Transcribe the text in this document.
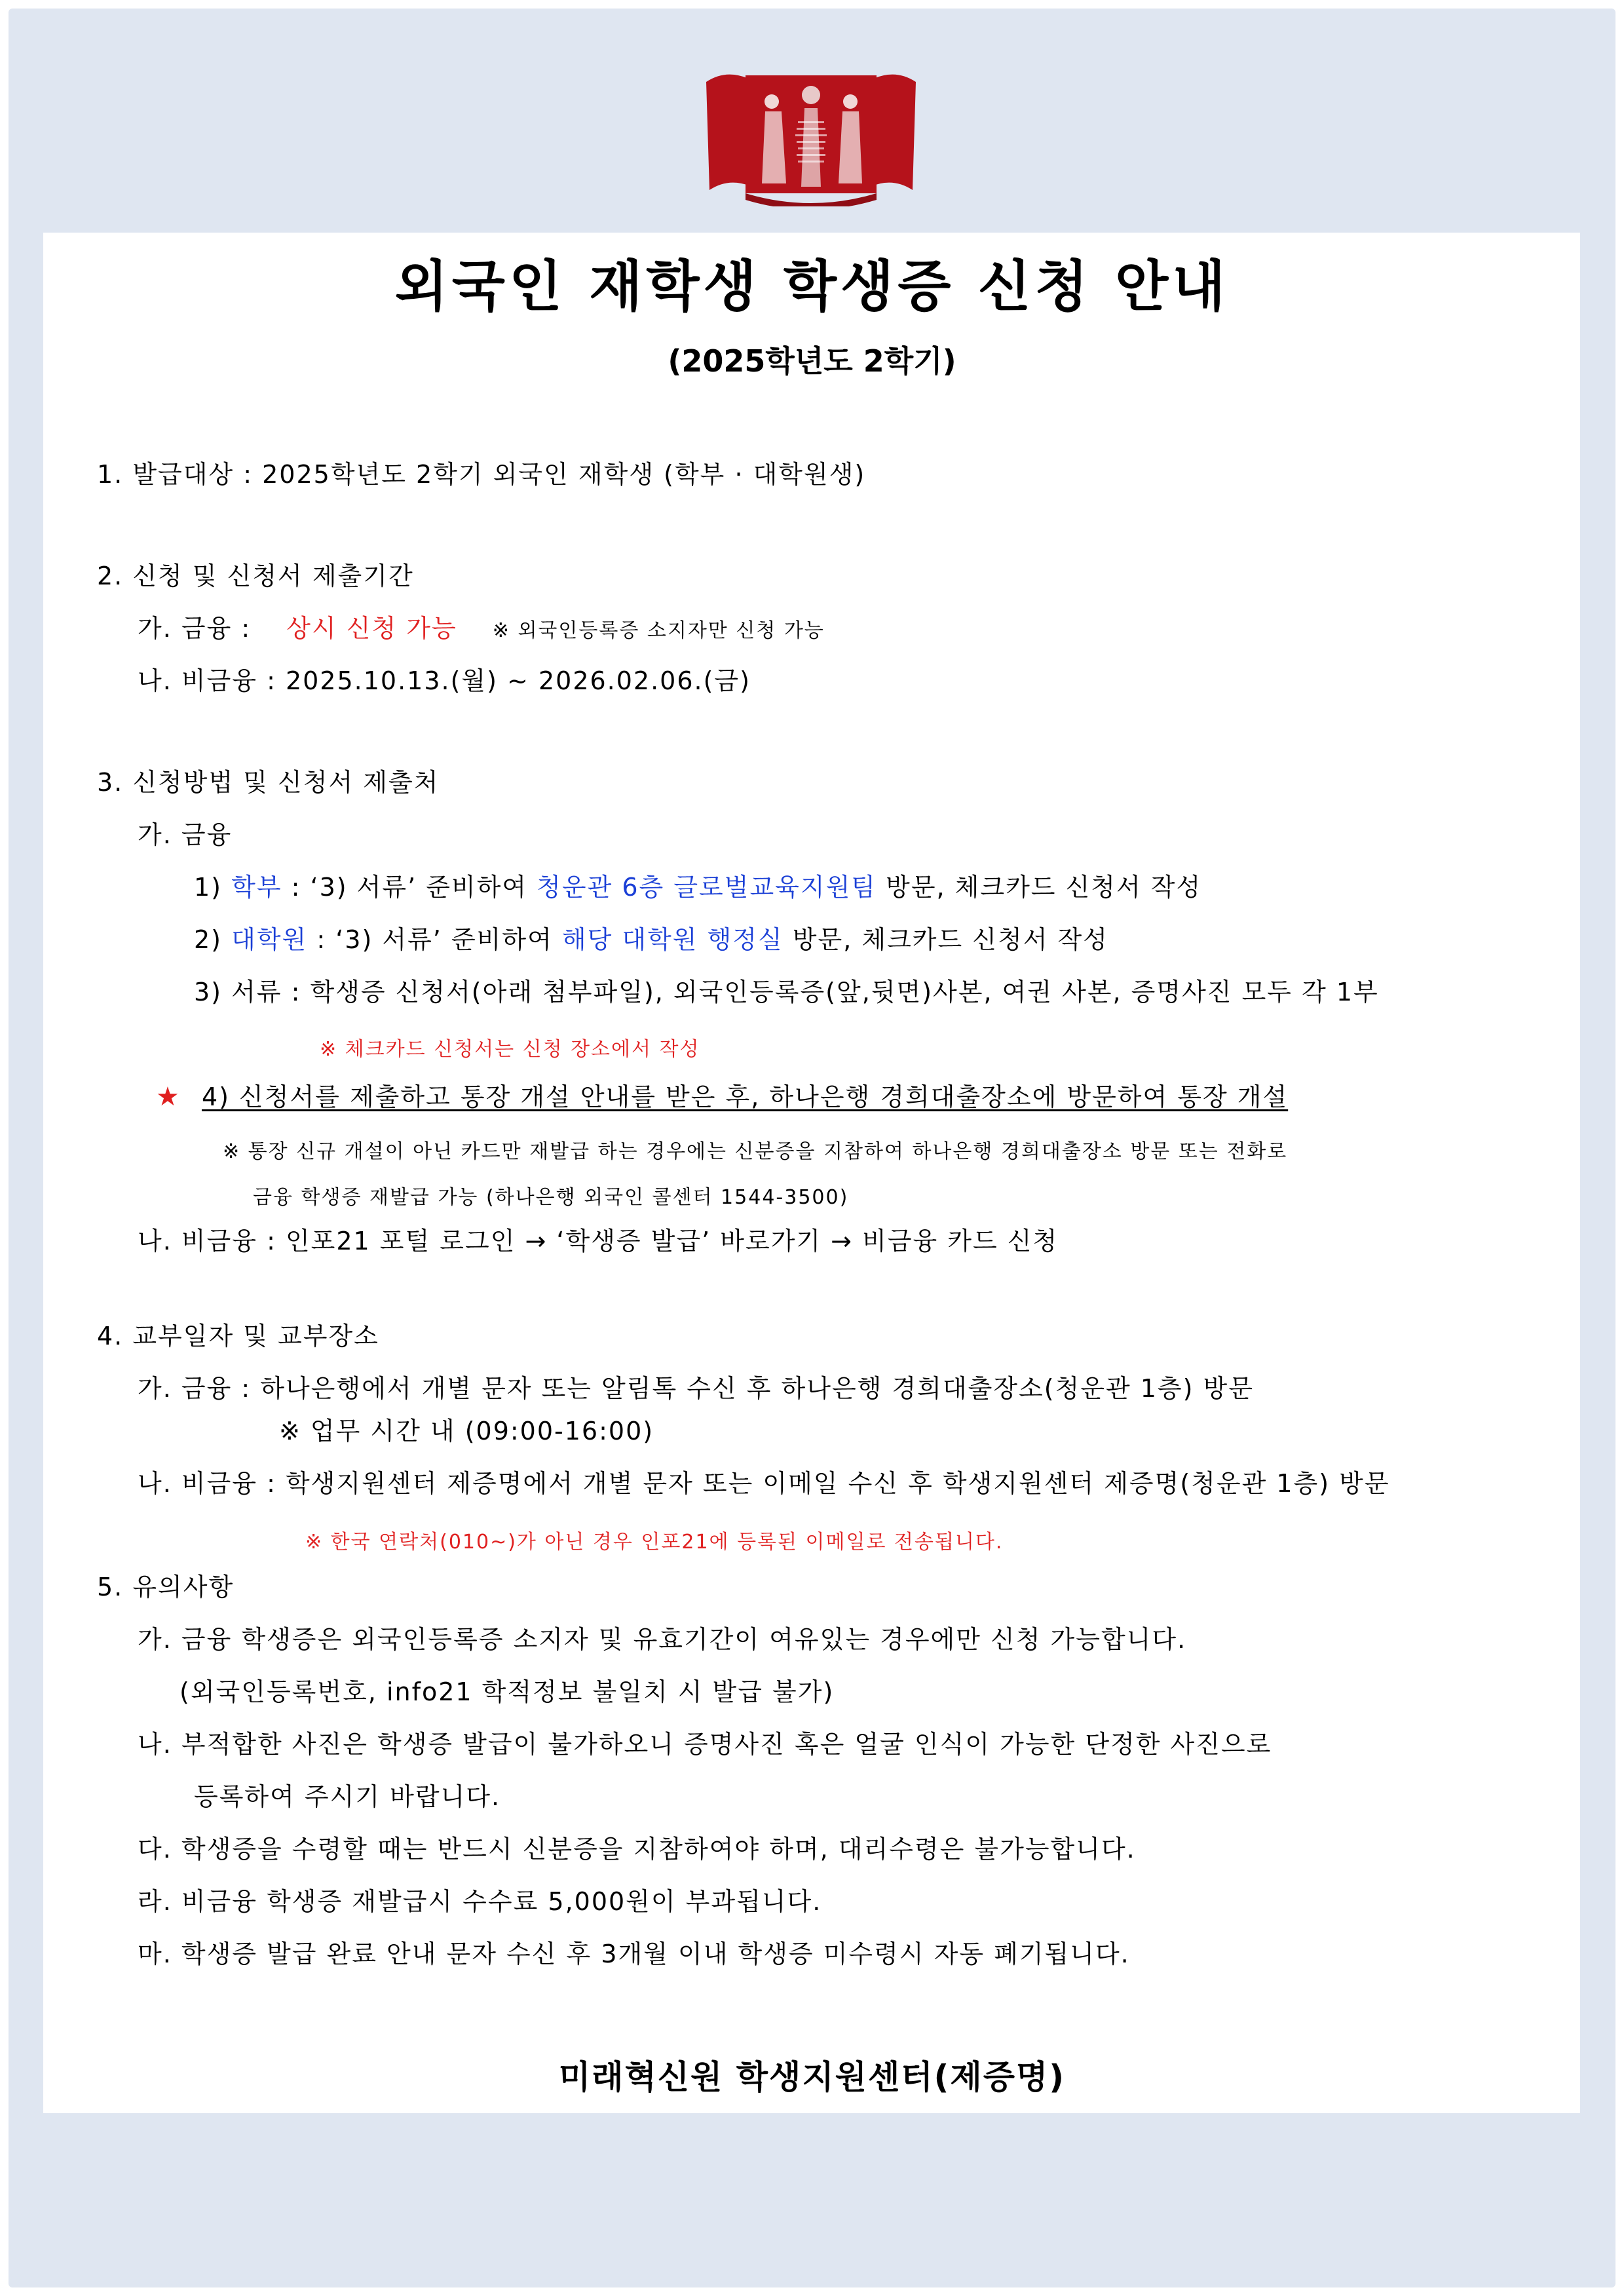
외국인 재학생 학생증 신청 안내
(2025학년도 2학기)
1. 발급대상 : 2025학년도 2학기 외국인 재학생 (학부 · 대학원생)
2. 신청 및 신청서 제출기간
가. 금융 : 상시 신청 가능 ※ 외국인등록증 소지자만 신청 가능
나. 비금융 : 2025.10.13.(월) ~ 2026.02.06.(금)
3. 신청방법 및 신청서 제출처
가. 금융
1) 학부 : ‘3) 서류’ 준비하여 청운관 6층 글로벌교육지원팀 방문, 체크카드 신청서 작성
2) 대학원 : ‘3) 서류’ 준비하여 해당 대학원 행정실 방문, 체크카드 신청서 작성
3) 서류 : 학생증 신청서(아래 첨부파일), 외국인등록증(앞,뒷면)사본, 여권 사본, 증명사진 모두 각 1부
※ 체크카드 신청서는 신청 장소에서 작성
★ 4) 신청서를 제출하고 통장 개설 안내를 받은 후, 하나은행 경희대출장소에 방문하여 통장 개설
※ 통장 신규 개설이 아닌 카드만 재발급 하는 경우에는 신분증을 지참하여 하나은행 경희대출장소 방문 또는 전화로
금융 학생증 재발급 가능 (하나은행 외국인 콜센터 1544-3500)
나. 비금융 : 인포21 포털 로그인 → ‘학생증 발급’ 바로가기 → 비금융 카드 신청
4. 교부일자 및 교부장소
가. 금융 : 하나은행에서 개별 문자 또는 알림톡 수신 후 하나은행 경희대출장소(청운관 1층) 방문
※ 업무 시간 내 (09:00-16:00)
나. 비금융 : 학생지원센터 제증명에서 개별 문자 또는 이메일 수신 후 학생지원센터 제증명(청운관 1층) 방문
※ 한국 연락처(010~)가 아닌 경우 인포21에 등록된 이메일로 전송됩니다.
5. 유의사항
가. 금융 학생증은 외국인등록증 소지자 및 유효기간이 여유있는 경우에만 신청 가능합니다.
(외국인등록번호, info21 학적정보 불일치 시 발급 불가)
나. 부적합한 사진은 학생증 발급이 불가하오니 증명사진 혹은 얼굴 인식이 가능한 단정한 사진으로
등록하여 주시기 바랍니다.
다. 학생증을 수령할 때는 반드시 신분증을 지참하여야 하며, 대리수령은 불가능합니다.
라. 비금융 학생증 재발급시 수수료 5,000원이 부과됩니다.
마. 학생증 발급 완료 안내 문자 수신 후 3개월 이내 학생증 미수령시 자동 폐기됩니다.
미래혁신원 학생지원센터(제증명)
